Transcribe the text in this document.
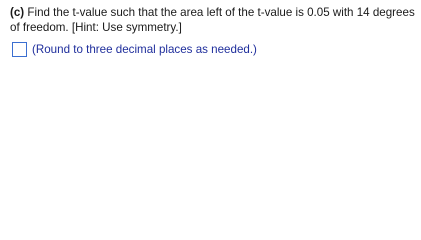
(c) Find the t-value such that the area left of the t-value is 0.05 with 14 degrees of freedom. [Hint: Use symmetry.]

(Round to three decimal places as needed.)
